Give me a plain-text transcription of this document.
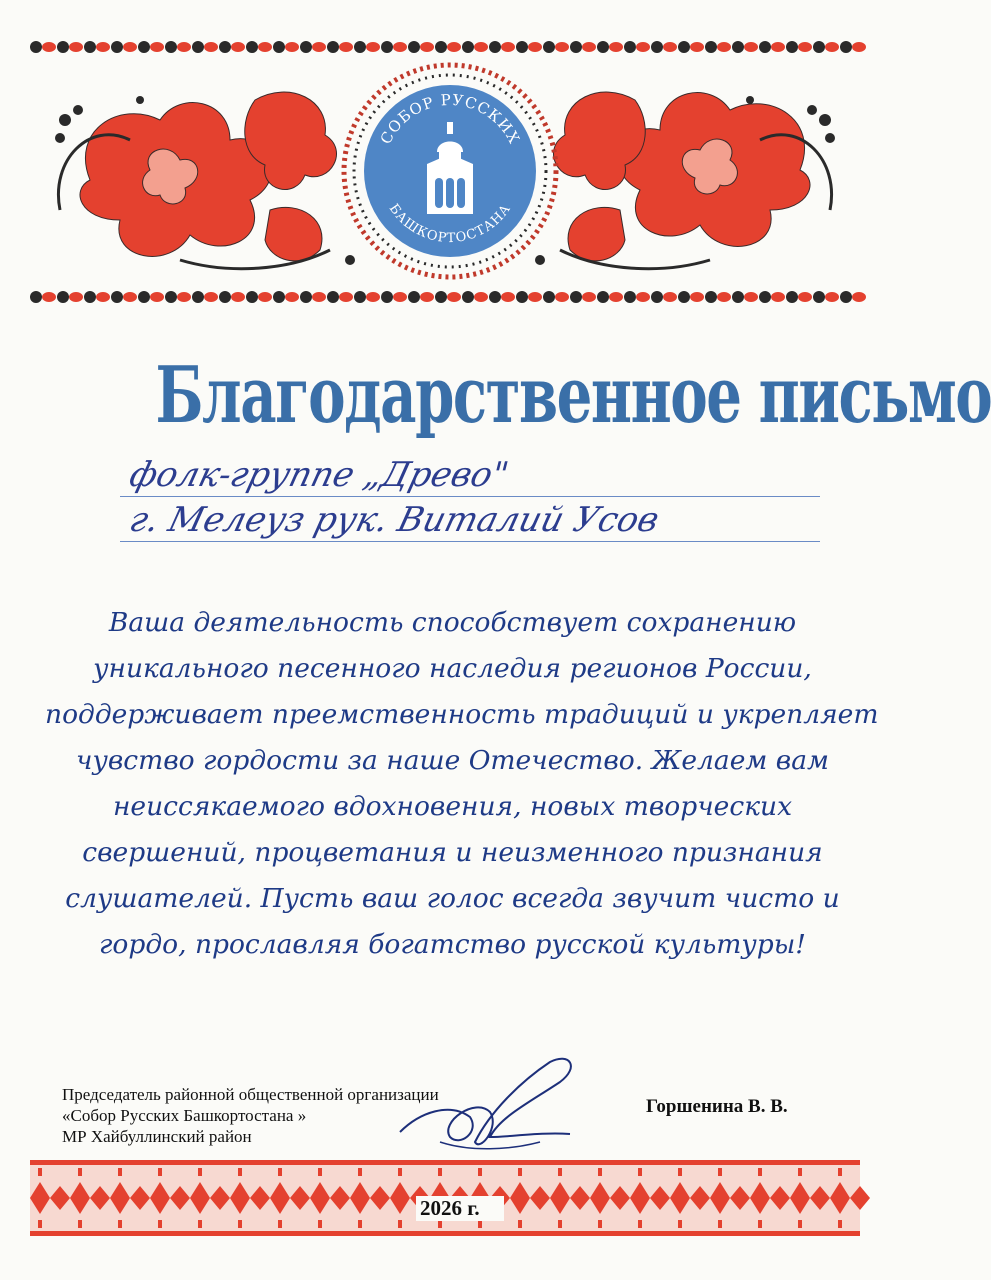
СОБОР РУССКИХ
БАШКОРТОСТАНА
Благодарственное письмо
фолк-группе „Древо"
г. Мелеуз рук. Виталий Усов
Ваша деятельность способствует сохранению
уникального песенного наследия регионов России,
поддерживает преемственность традиций и укрепляет
чувство гордости за наше Отечество. Желаем вам
неиссякаемого вдохновения, новых творческих
свершений, процветания и неизменного признания
слушателей. Пусть ваш голос всегда звучит чисто и
гордо, прославляя богатство русской культуры!
Председатель районной общественной организации
«Собор Русских Башкортостана »
МР Хайбуллинский район
Горшенина В. В.
2026 г.
